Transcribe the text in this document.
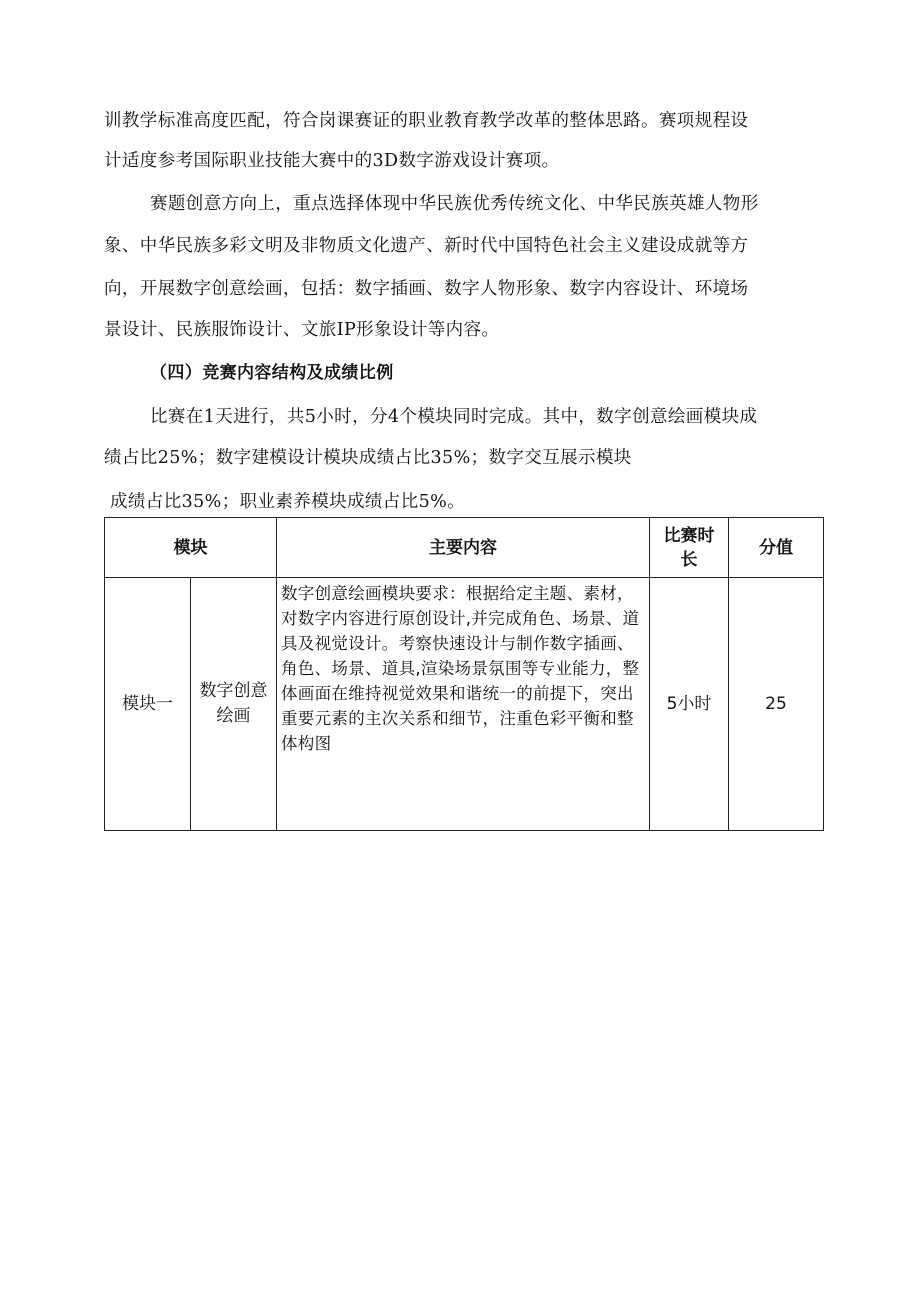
训教学标准高度匹配，符合岗课赛证的职业教育教学改革的整体思路。赛项规程设
计适度参考国际职业技能大赛中的3D数字游戏设计赛项。
赛题创意方向上，重点选择体现中华民族优秀传统文化、中华民族英雄人物形
象、中华民族多彩文明及非物质文化遗产、新时代中国特色社会主义建设成就等方
向，开展数字创意绘画，包括：数字插画、数字人物形象、数字内容设计、环境场
景设计、民族服饰设计、文旅IP形象设计等内容。
（四）竞赛内容结构及成绩比例
比赛在1天进行，共5小时，分4个模块同时完成。其中，数字创意绘画模块成
绩占比25%；数字建模设计模块成绩占比35%；数字交互展示模块
成绩占比35%；职业素养模块成绩占比5%。
模块		主要内容	比赛时长	分值
模块一	数字创意绘画	数字创意绘画模块要求：根据给定主题、素材，对数字内容进行原创设计,并完成角色、场景、道具及视觉设计。考察快速设计与制作数字插画、角色、场景、道具,渲染场景氛围等专业能力，整体画面在维持视觉效果和谐统一的前提下，突出重要元素的主次关系和细节，注重色彩平衡和整体构图	5小时	25
